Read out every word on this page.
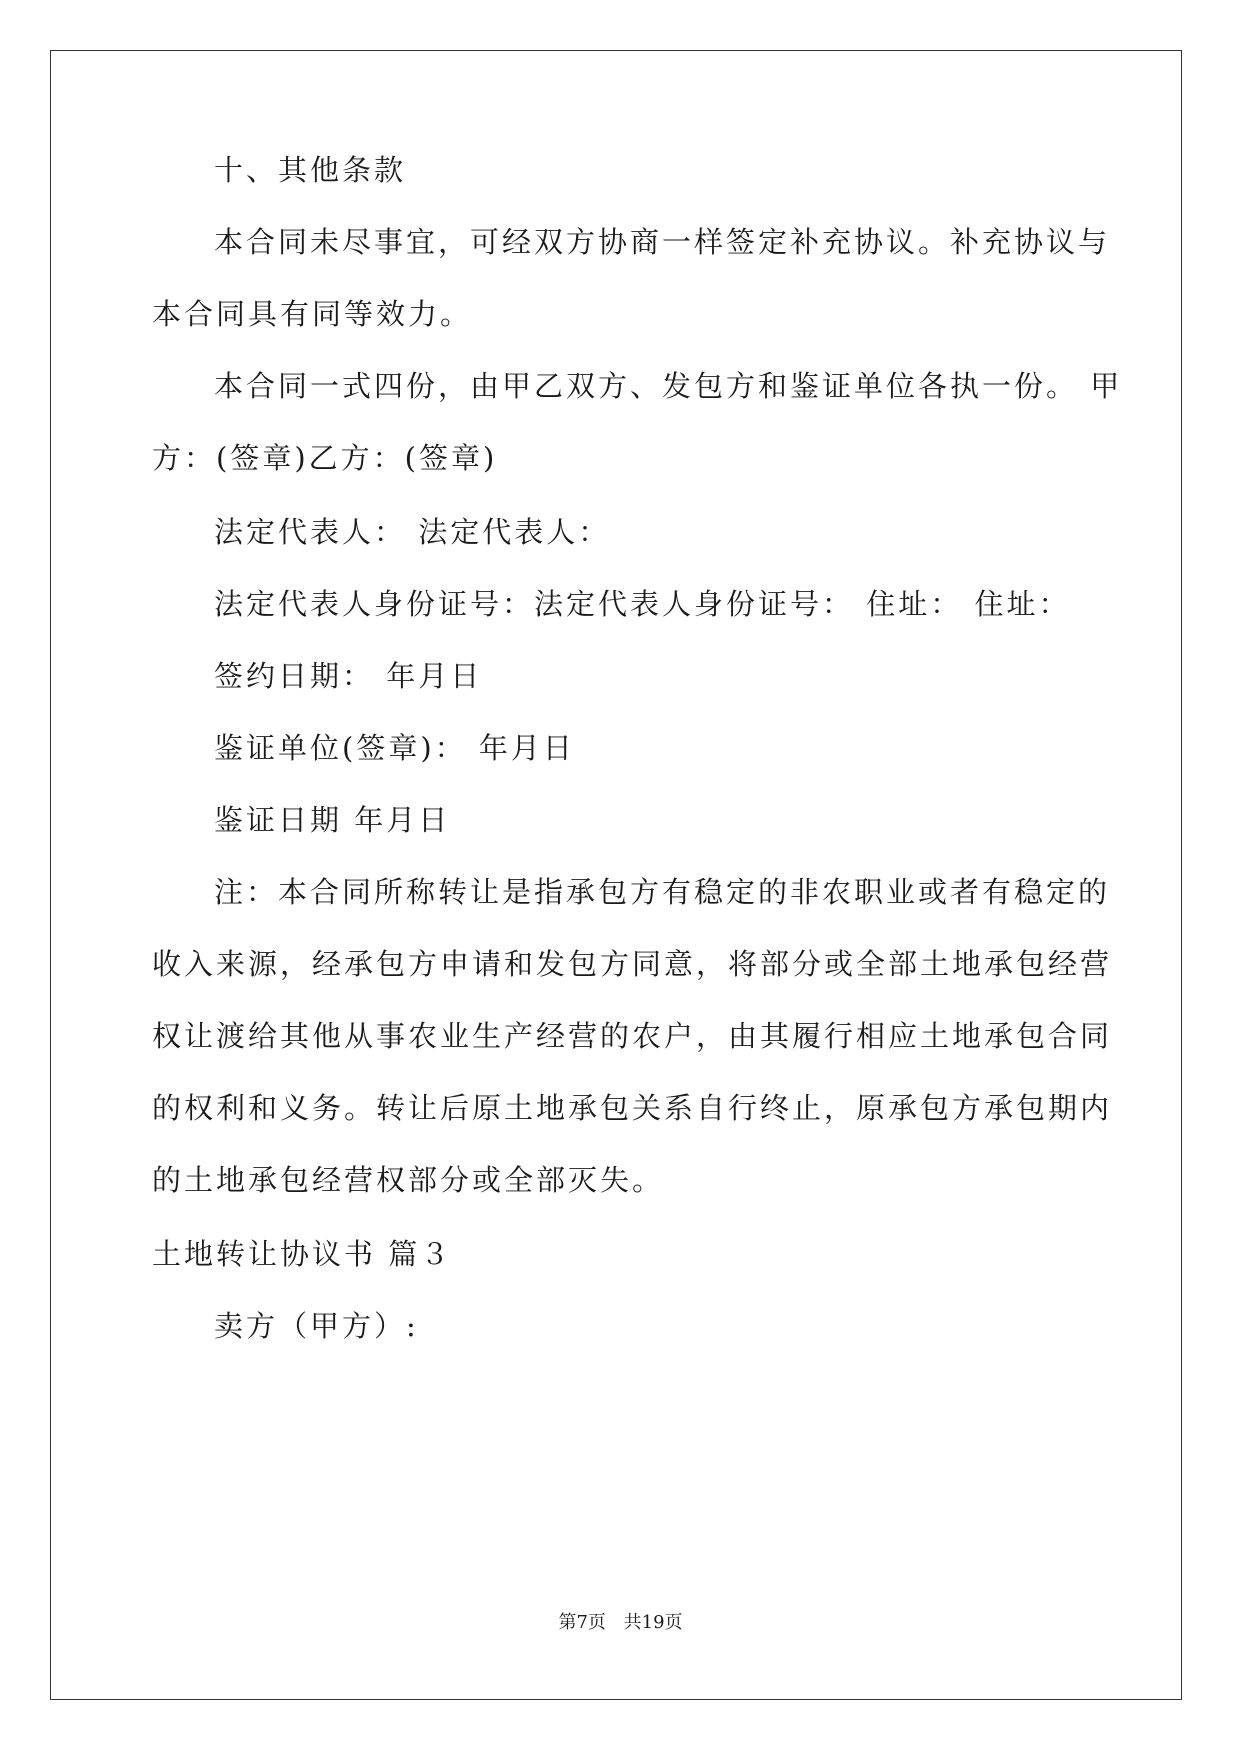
十、其他条款
本合同未尽事宜，可经双方协商一样签定补充协议。补充协议与
本合同具有同等效力。
本合同一式四份，由甲乙双方、发包方和鉴证单位各执一份。 甲
方：(签章)乙方：(签章)
法定代表人： 法定代表人：
法定代表人身份证号：法定代表人身份证号： 住址： 住址：
签约日期： 年月日
鉴证单位(签章)： 年月日
鉴证日期 年月日
注：本合同所称转让是指承包方有稳定的非农职业或者有稳定的
收入来源，经承包方申请和发包方同意，将部分或全部土地承包经营
权让渡给其他从事农业生产经营的农户，由其履行相应土地承包合同
的权利和义务。转让后原土地承包关系自行终止，原承包方承包期内
的土地承包经营权部分或全部灭失。
土地转让协议书 篇３
卖方（甲方）:
第7页 共19页
